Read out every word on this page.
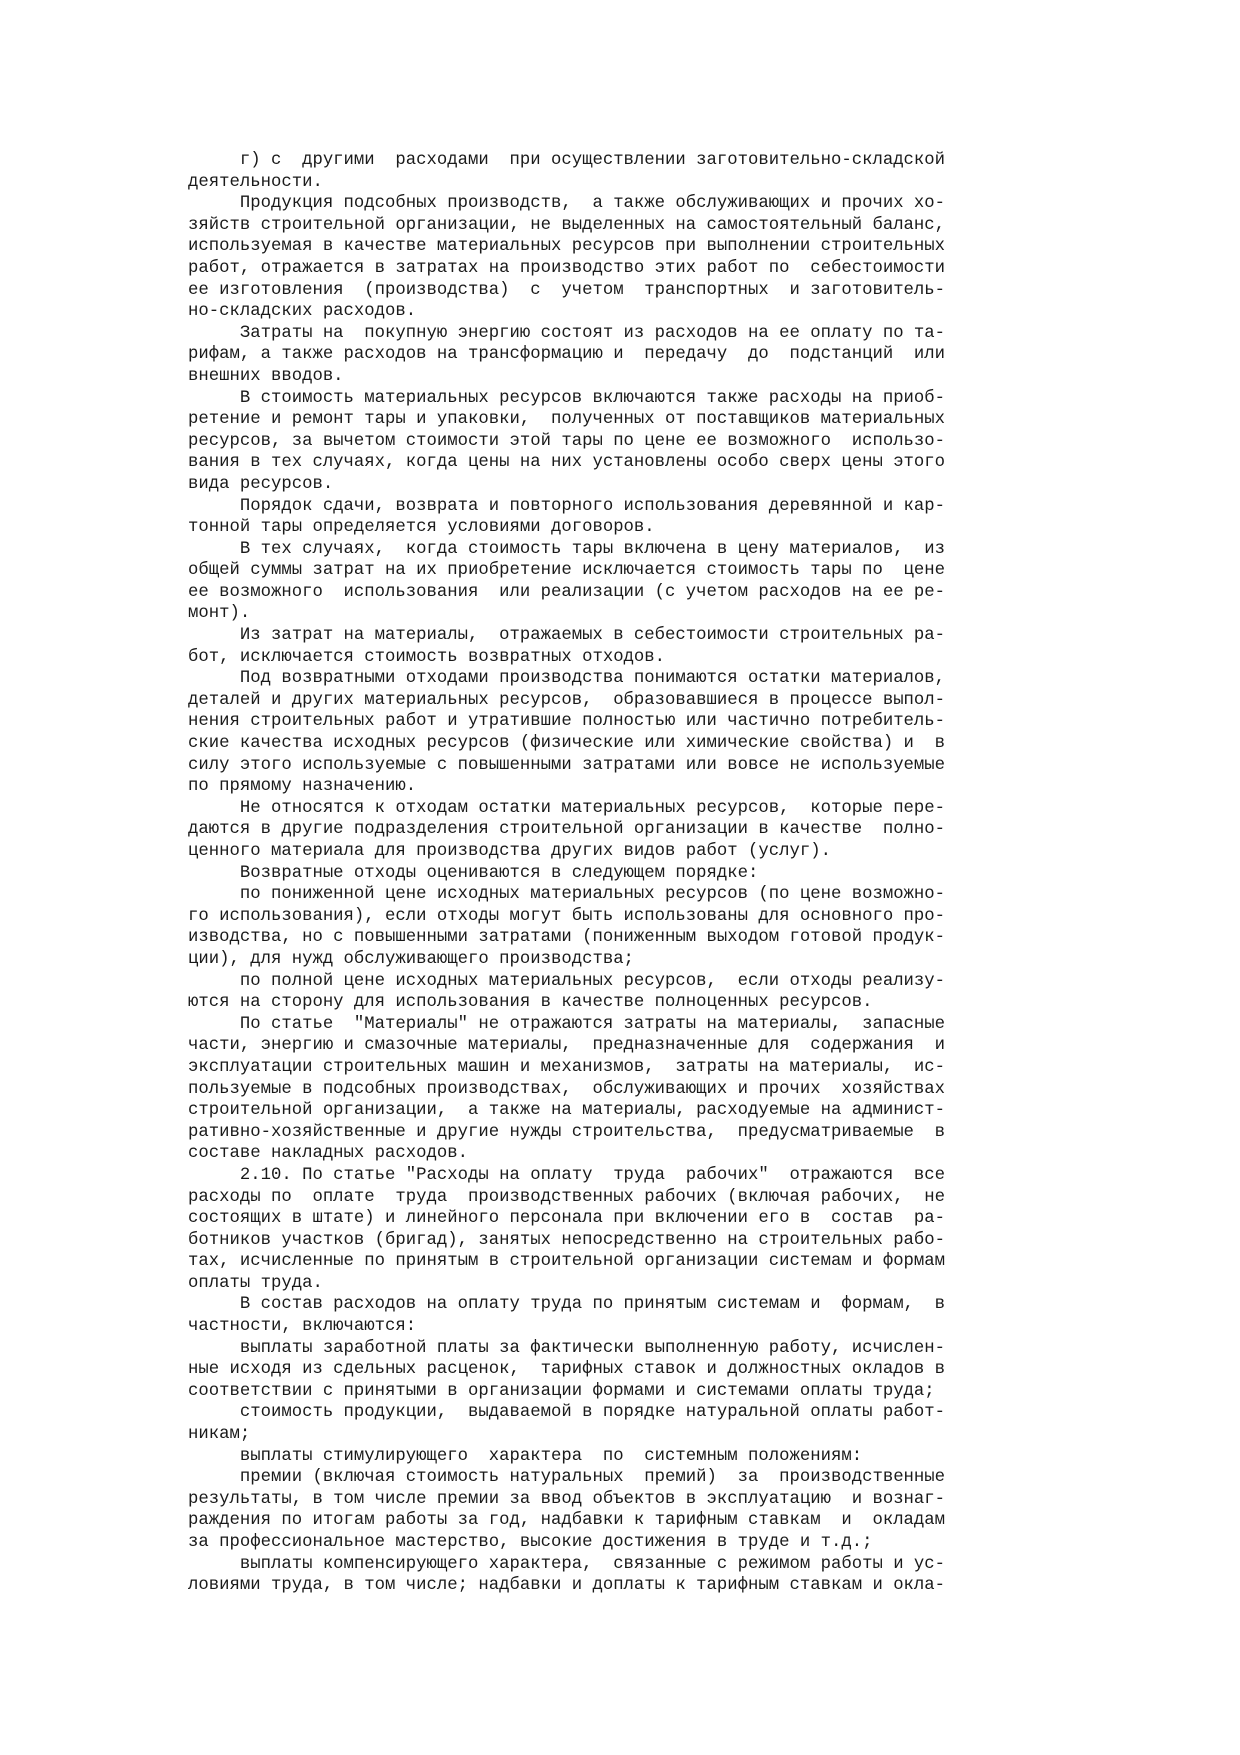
г) с  другими  расходами  при осуществлении заготовительно-складской
деятельности.
Продукция подсобных производств,  а также обслуживающих и прочих хо-
зяйств строительной организации, не выделенных на самостоятельный баланс,
используемая в качестве материальных ресурсов при выполнении строительных
работ, отражается в затратах на производство этих работ по  себестоимости
ее изготовления  (производства)  с  учетом  транспортных  и заготовитель-
но-складских расходов.
Затраты на  покупную энергию состоят из расходов на ее оплату по та-
рифам, а также расходов на трансформацию и  передачу  до  подстанций  или
внешних вводов.
В стоимость материальных ресурсов включаются также расходы на приоб-
ретение и ремонт тары и упаковки,  полученных от поставщиков материальных
ресурсов, за вычетом стоимости этой тары по цене ее возможного  использо-
вания в тех случаях, когда цены на них установлены особо сверх цены этого
вида ресурсов.
Порядок сдачи, возврата и повторного использования деревянной и кар-
тонной тары определяется условиями договоров.
В тех случаях,  когда стоимость тары включена в цену материалов,  из
общей суммы затрат на их приобретение исключается стоимость тары по  цене
ее возможного  использования  или реализации (с учетом расходов на ее ре-
монт).
Из затрат на материалы,  отражаемых в себестоимости строительных ра-
бот, исключается стоимость возвратных отходов.
Под возвратными отходами производства понимаются остатки материалов,
деталей и других материальных ресурсов,  образовавшиеся в процессе выпол-
нения строительных работ и утратившие полностью или частично потребитель-
ские качества исходных ресурсов (физические или химические свойства) и  в
силу этого используемые с повышенными затратами или вовсе не используемые
по прямому назначению.
Не относятся к отходам остатки материальных ресурсов,  которые пере-
даются в другие подразделения строительной организации в качестве  полно-
ценного материала для производства других видов работ (услуг).
Возвратные отходы оцениваются в следующем порядке:
по пониженной цене исходных материальных ресурсов (по цене возможно-
го использования), если отходы могут быть использованы для основного про-
изводства, но с повышенными затратами (пониженным выходом готовой продук-
ции), для нужд обслуживающего производства;
по полной цене исходных материальных ресурсов,  если отходы реализу-
ются на сторону для использования в качестве полноценных ресурсов.
По статье  "Материалы" не отражаются затраты на материалы,  запасные
части, энергию и смазочные материалы,  предназначенные для  содержания  и
эксплуатации строительных машин и механизмов,  затраты на материалы,  ис-
пользуемые в подсобных производствах,  обслуживающих и прочих  хозяйствах
строительной организации,  а также на материалы, расходуемые на админист-
ративно-хозяйственные и другие нужды строительства,  предусматриваемые  в
составе накладных расходов.
2.10. По статье "Расходы на оплату  труда  рабочих"  отражаются  все
расходы по  оплате  труда  производственных рабочих (включая рабочих,  не
состоящих в штате) и линейного персонала при включении его в  состав  ра-
ботников участков (бригад), занятых непосредственно на строительных рабо-
тах, исчисленные по принятым в строительной организации системам и формам
оплаты труда.
В состав расходов на оплату труда по принятым системам и  формам,  в
частности, включаются:
выплаты заработной платы за фактически выполненную работу, исчислен-
ные исходя из сдельных расценок,  тарифных ставок и должностных окладов в
соответствии с принятыми в организации формами и системами оплаты труда;
стоимость продукции,  выдаваемой в порядке натуральной оплаты работ-
никам;
выплаты стимулирующего  характера  по  системным положениям:
премии (включая стоимость натуральных  премий)  за  производственные
результаты, в том числе премии за ввод объектов в эксплуатацию  и вознаг-
раждения по итогам работы за год, надбавки к тарифным ставкам  и  окладам
за профессиональное мастерство, высокие достижения в труде и т.д.;
выплаты компенсирующего характера,  связанные с режимом работы и ус-
ловиями труда, в том числе; надбавки и доплаты к тарифным ставкам и окла-
